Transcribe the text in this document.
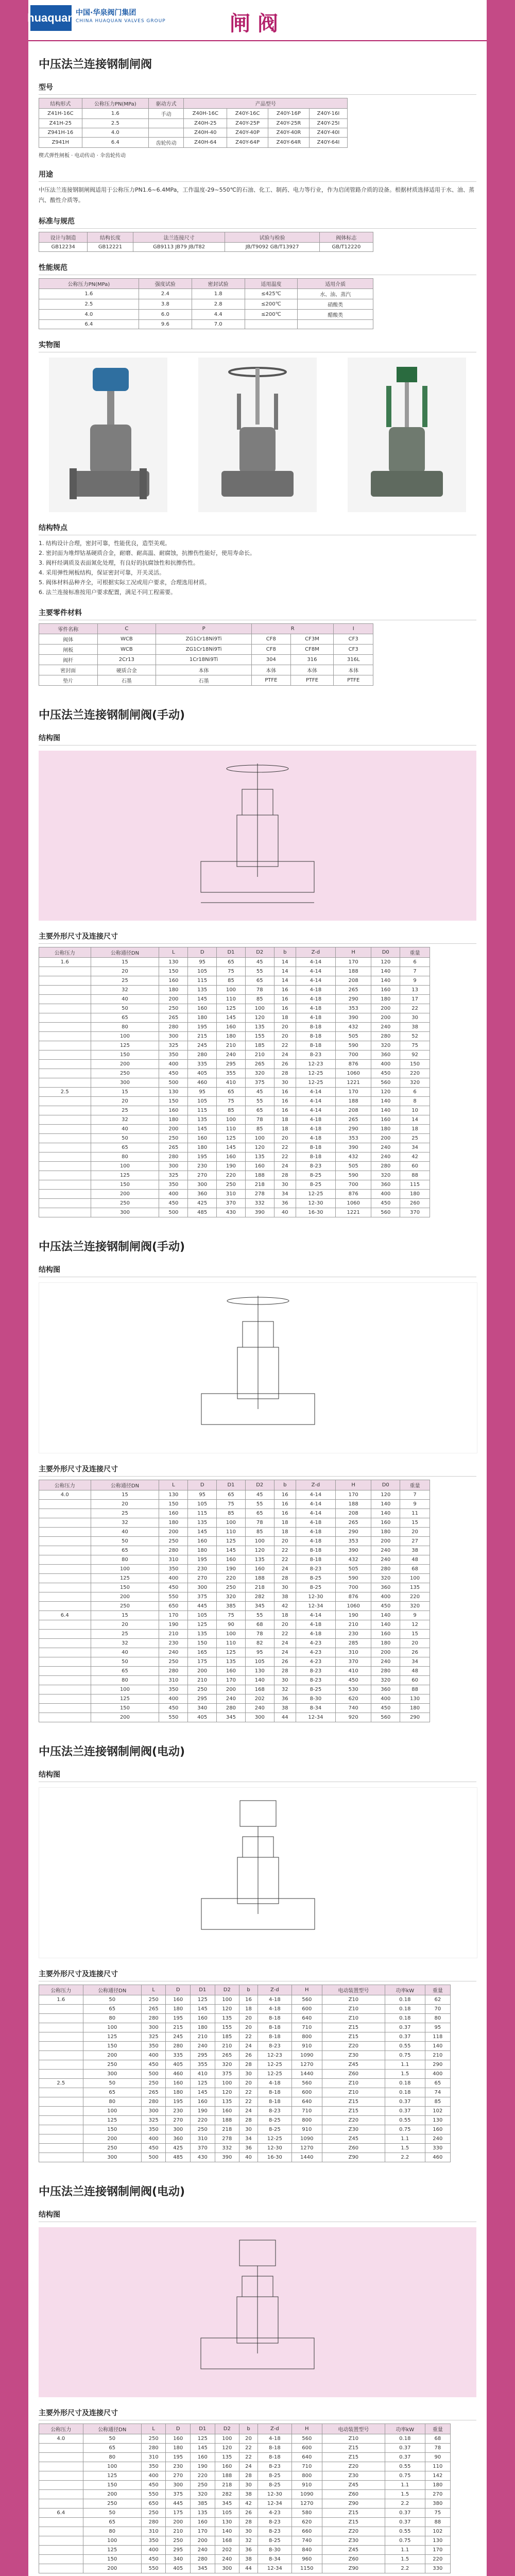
huaquan 中国·华泉阀门集团
CHINA HUAQUAN VALVES GROUP	闸阀
中压法兰连接钢制闸阀
型号
结构形式	公称压力PN(MPa)	驱动方式	产品型号			
Z41H-16C	1.6	手动	Z40H-16C	Z40Y-16C	Z40Y-16P	Z40Y-16I
Z41H-25	2.5		Z40H-25	Z40Y-25P	Z40Y-25R	Z40Y-25I
Z941H-16	4.0		Z40H-40	Z40Y-40P	Z40Y-40R	Z40Y-40I
Z941H	6.4	齿轮传动	Z40H-64	Z40Y-64P	Z40Y-64R	Z40Y-64I
楔式弹性闸板 · 电动传动 · 伞齿轮传动
用途
中压法兰连接钢制闸阀适用于公称压力PN1.6~6.4MPa，工作温度-29~550℃的石油、化工、制药、电力等行业，作为启闭管路介质的设备。根据材质选择适用于水、油、蒸汽、酸性介质等。
标准与规范
设计与制造	结构长度	法兰连接尺寸	试验与检验	阀体标志
GB12234	GB12221	GB9113 JB79 JB/T82	JB/T9092 GB/T13927	GB/T12220
性能规范
公称压力PN(MPa)	强度试验	密封试验	适用温度	适用介质
1.6	2.4	1.8	≤425℃	水、油、蒸汽
2.5	3.8	2.8	≤200℃	硝酸类
4.0	6.0	4.4	≤200℃	醋酸类
6.4	9.6	7.0		
实物图
结构特点
1. 结构设计合理，密封可靠，性能优良，造型美观。
2. 密封面为堆焊钴基硬质合金，耐磨、耐高温、耐腐蚀，抗擦伤性能好，使用寿命长。
3. 阀杆经调质及表面氮化处理，有良好的抗腐蚀性和抗擦伤性。
4. 采用弹性闸板结构，保证密封可靠，开关灵活。
5. 阀体材料品种齐全，可根据实际工况或用户要求，合理选用材质。
6. 法兰连接标准按用户要求配置，满足不同工程需要。
主要零件材料
零件名称	C	P	R		I
阀体	WCB	ZG1Cr18Ni9Ti	CF8	CF3M	CF3
闸板	WCB	ZG1Cr18Ni9Ti	CF8	CF8M	CF3
阀杆	2Cr13	1Cr18Ni9Ti	304	316	316L
密封面	硬质合金	本体	本体	本体	本体
垫片	石墨	石墨	PTFE	PTFE	PTFE
中压法兰连接钢制闸阀(手动)
结构图
主要外形尺寸及连接尺寸
公称压力	公称通径DN	L	D	D1	D2	b	Z-d	H	D0	重量
1.6	15	130	95	65	45	14	4-14	170	120	6
	20	150	105	75	55	14	4-14	188	140	7
	25	160	115	85	65	14	4-14	208	140	9
	32	180	135	100	78	16	4-18	265	160	13
	40	200	145	110	85	16	4-18	290	180	17
	50	250	160	125	100	16	4-18	353	200	22
	65	265	180	145	120	18	4-18	390	200	30
	80	280	195	160	135	20	8-18	432	240	38
	100	300	215	180	155	20	8-18	505	280	52
	125	325	245	210	185	22	8-18	590	320	75
	150	350	280	240	210	24	8-23	700	360	92
	200	400	335	295	265	26	12-23	876	400	150
	250	450	405	355	320	28	12-25	1060	450	220
	300	500	460	410	375	30	12-25	1221	560	320
2.5	15	130	95	65	45	16	4-14	170	120	6
	20	150	105	75	55	16	4-14	188	140	8
	25	160	115	85	65	16	4-14	208	140	10
	32	180	135	100	78	18	4-18	265	160	14
	40	200	145	110	85	18	4-18	290	180	18
	50	250	160	125	100	20	4-18	353	200	25
	65	265	180	145	120	22	8-18	390	240	34
	80	280	195	160	135	22	8-18	432	240	42
	100	300	230	190	160	24	8-23	505	280	60
	125	325	270	220	188	28	8-25	590	320	88
	150	350	300	250	218	30	8-25	700	360	115
	200	400	360	310	278	34	12-25	876	400	180
	250	450	425	370	332	36	12-30	1060	450	260
	300	500	485	430	390	40	16-30	1221	560	370
中压法兰连接钢制闸阀(手动)
结构图
主要外形尺寸及连接尺寸
公称压力	公称通径DN	L	D	D1	D2	b	Z-d	H	D0	重量
4.0	15	130	95	65	45	16	4-14	170	120	7
	20	150	105	75	55	16	4-14	188	140	9
	25	160	115	85	65	16	4-14	208	140	11
	32	180	135	100	78	18	4-18	265	160	15
	40	200	145	110	85	18	4-18	290	180	20
	50	250	160	125	100	20	4-18	353	200	27
	65	280	180	145	120	22	8-18	390	240	38
	80	310	195	160	135	22	8-18	432	240	48
	100	350	230	190	160	24	8-23	505	280	68
	125	400	270	220	188	28	8-25	590	320	100
	150	450	300	250	218	30	8-25	700	360	135
	200	550	375	320	282	38	12-30	876	400	220
	250	650	445	385	345	42	12-34	1060	450	320
6.4	15	170	105	75	55	18	4-14	190	140	9
	20	190	125	90	68	20	4-18	210	140	12
	25	210	135	100	78	22	4-18	230	160	15
	32	230	150	110	82	24	4-23	285	180	20
	40	240	165	125	95	24	4-23	310	200	26
	50	250	175	135	105	26	4-23	370	240	34
	65	280	200	160	130	28	8-23	410	280	48
	80	310	210	170	140	30	8-23	450	320	60
	100	350	250	200	168	32	8-25	530	360	88
	125	400	295	240	202	36	8-30	620	400	130
	150	450	340	280	240	38	8-34	740	450	180
	200	550	405	345	300	44	12-34	920	560	290
中压法兰连接钢制闸阀(电动)
结构图
主要外形尺寸及连接尺寸
公称压力	公称通径DN	L	D	D1	D2	b	Z-d	H	电动装置型号	功率kW	重量
1.6	50	250	160	125	100	16	4-18	560	Z10	0.18	62
	65	265	180	145	120	18	4-18	600	Z10	0.18	70
	80	280	195	160	135	20	8-18	640	Z10	0.18	80
	100	300	215	180	155	20	8-18	710	Z15	0.37	95
	125	325	245	210	185	22	8-18	800	Z15	0.37	118
	150	350	280	240	210	24	8-23	910	Z20	0.55	140
	200	400	335	295	265	26	12-23	1090	Z30	0.75	210
	250	450	405	355	320	28	12-25	1270	Z45	1.1	290
	300	500	460	410	375	30	12-25	1440	Z60	1.5	400
2.5	50	250	160	125	100	20	4-18	560	Z10	0.18	65
	65	265	180	145	120	22	8-18	600	Z10	0.18	74
	80	280	195	160	135	22	8-18	640	Z15	0.37	85
	100	300	230	190	160	24	8-23	710	Z15	0.37	102
	125	325	270	220	188	28	8-25	800	Z20	0.55	130
	150	350	300	250	218	30	8-25	910	Z30	0.75	160
	200	400	360	310	278	34	12-25	1090	Z45	1.1	240
	250	450	425	370	332	36	12-30	1270	Z60	1.5	330
	300	500	485	430	390	40	16-30	1440	Z90	2.2	460
中压法兰连接钢制闸阀(电动)
结构图
主要外形尺寸及连接尺寸
公称压力	公称通径DN	L	D	D1	D2	b	Z-d	H	电动装置型号	功率kW	重量
4.0	50	250	160	125	100	20	4-18	560	Z10	0.18	68
	65	280	180	145	120	22	8-18	600	Z15	0.37	78
	80	310	195	160	135	22	8-18	640	Z15	0.37	90
	100	350	230	190	160	24	8-23	710	Z20	0.55	110
	125	400	270	220	188	28	8-25	800	Z30	0.75	142
	150	450	300	250	218	30	8-25	910	Z45	1.1	180
	200	550	375	320	282	38	12-30	1090	Z60	1.5	270
	250	650	445	385	345	42	12-34	1270	Z90	2.2	380
6.4	50	250	175	135	105	26	4-23	580	Z15	0.37	75
	65	280	200	160	130	28	8-23	620	Z15	0.37	88
	80	310	210	170	140	30	8-23	660	Z20	0.55	102
	100	350	250	200	168	32	8-25	740	Z30	0.75	130
	125	400	295	240	202	36	8-30	840	Z45	1.1	170
	150	450	340	280	240	38	8-34	960	Z60	1.5	220
	200	550	405	345	300	44	12-34	1150	Z90	2.2	330
